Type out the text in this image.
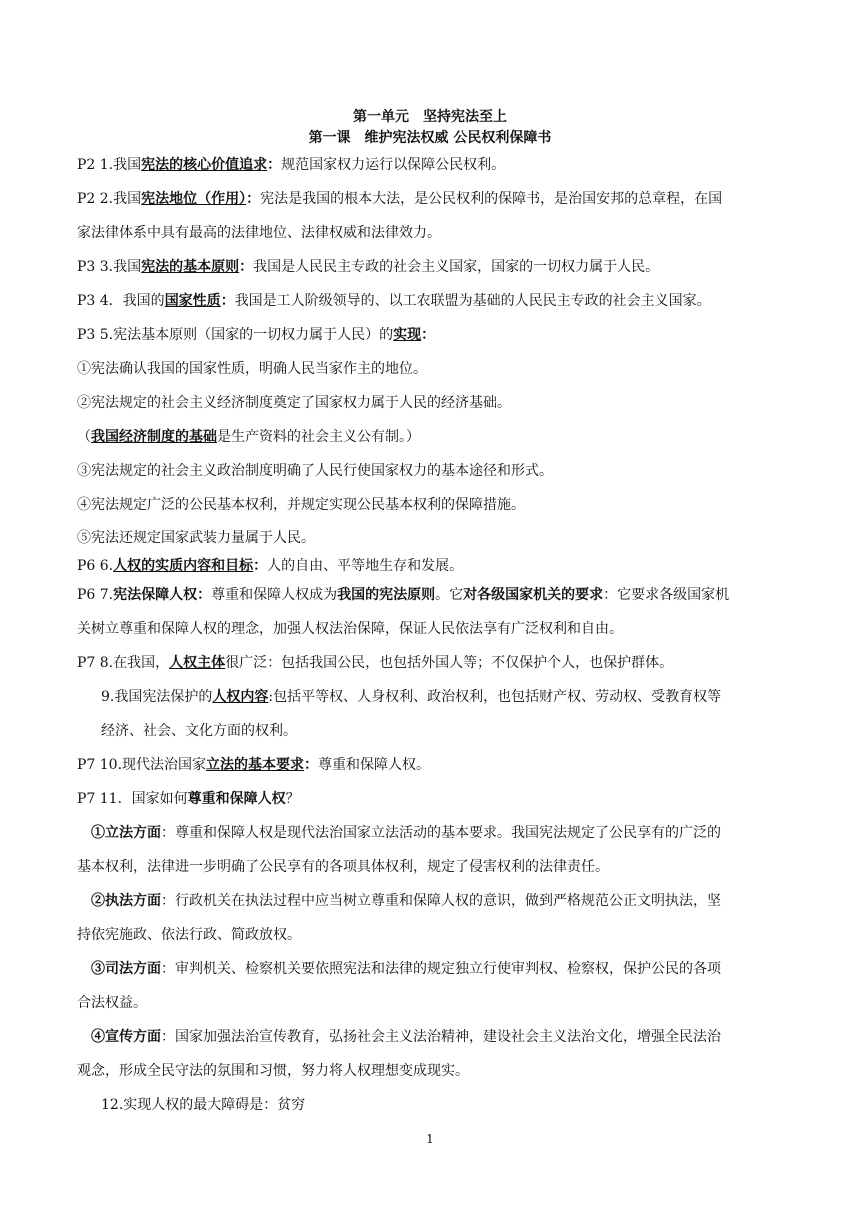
第一单元　坚持宪法至上
第一课　维护宪法权威 公民权利保障书
P2 1.我国宪法的核心价值追求：规范国家权力运行以保障公民权利。
P2 2.我国宪法地位（作用）：宪法是我国的根本大法，是公民权利的保障书，是治国安邦的总章程，在国
家法律体系中具有最高的法律地位、法律权威和法律效力。
P3 3.我国宪法的基本原则：我国是人民民主专政的社会主义国家，国家的一切权力属于人民。
P3 4．我国的国家性质：我国是工人阶级领导的、以工农联盟为基础的人民民主专政的社会主义国家。
P3 5.宪法基本原则（国家的一切权力属于人民）的实现：
①宪法确认我国的国家性质，明确人民当家作主的地位。
②宪法规定的社会主义经济制度奠定了国家权力属于人民的经济基础。
（我国经济制度的基础是生产资料的社会主义公有制。）
③宪法规定的社会主义政治制度明确了人民行使国家权力的基本途径和形式。
④宪法规定广泛的公民基本权利，并规定实现公民基本权利的保障措施。
⑤宪法还规定国家武装力量属于人民。
P6 6.人权的实质内容和目标：人的自由、平等地生存和发展。
P6 7.宪法保障人权：尊重和保障人权成为我国的宪法原则。它对各级国家机关的要求：它要求各级国家机
关树立尊重和保障人权的理念，加强人权法治保障，保证人民依法享有广泛权利和自由。
P7 8.在我国，人权主体很广泛：包括我国公民，也包括外国人等；不仅保护个人，也保护群体。
9.我国宪法保护的人权内容:包括平等权、人身权利、政治权利，也包括财产权、劳动权、受教育权等
经济、社会、文化方面的权利。
P7 10.现代法治国家立法的基本要求：尊重和保障人权。
P7 11．国家如何尊重和保障人权？
①立法方面：尊重和保障人权是现代法治国家立法活动的基本要求。我国宪法规定了公民享有的广泛的
基本权利，法律进一步明确了公民享有的各项具体权利，规定了侵害权利的法律责任。
②执法方面：行政机关在执法过程中应当树立尊重和保障人权的意识，做到严格规范公正文明执法，坚
持依宪施政、依法行政、简政放权。
③司法方面：审判机关、检察机关要依照宪法和法律的规定独立行使审判权、检察权，保护公民的各项
合法权益。
④宣传方面：国家加强法治宣传教育，弘扬社会主义法治精神，建设社会主义法治文化，增强全民法治
观念，形成全民守法的氛围和习惯，努力将人权理想变成现实。
12.实现人权的最大障碍是：贫穷
1
